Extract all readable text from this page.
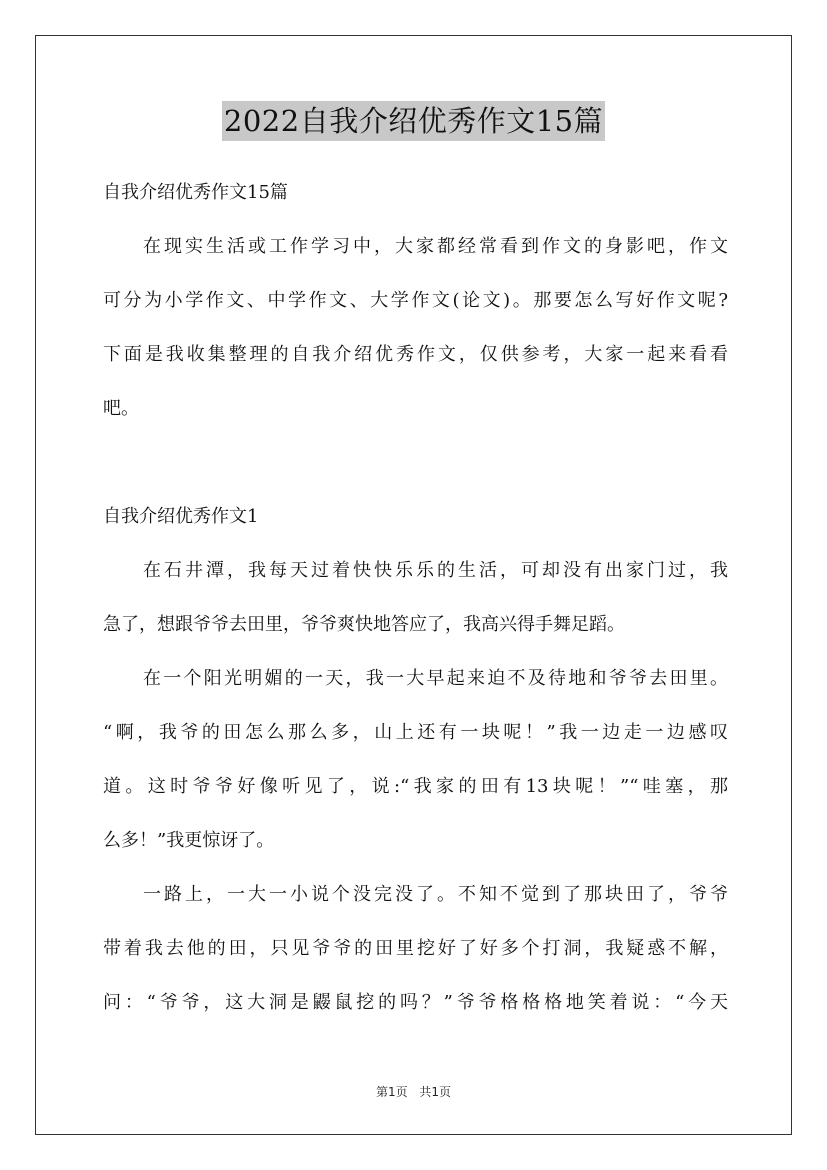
2022自我介绍优秀作文15篇
自我介绍优秀作文15篇
在现实生活或工作学习中，大家都经常看到作文的身影吧，作文
可分为小学作文、中学作文、大学作文(论文)。那要怎么写好作文呢?
下面是我收集整理的自我介绍优秀作文，仅供参考，大家一起来看看
吧。
自我介绍优秀作文1
在石井潭，我每天过着快快乐乐的生活，可却没有出家门过，我
急了，想跟爷爷去田里，爷爷爽快地答应了，我高兴得手舞足蹈。
在一个阳光明媚的一天，我一大早起来迫不及待地和爷爷去田里。
“啊，我爷的田怎么那么多，山上还有一块呢！”我一边走一边感叹
道。这时爷爷好像听见了，说:“我家的田有13块呢！”“哇塞，那
么多！”我更惊讶了。
一路上，一大一小说个没完没了。不知不觉到了那块田了，爷爷
带着我去他的田，只见爷爷的田里挖好了好多个打洞，我疑惑不解，
问：“爷爷，这大洞是鼹鼠挖的吗？”爷爷格格格地笑着说：“今天
第1页 共1页
